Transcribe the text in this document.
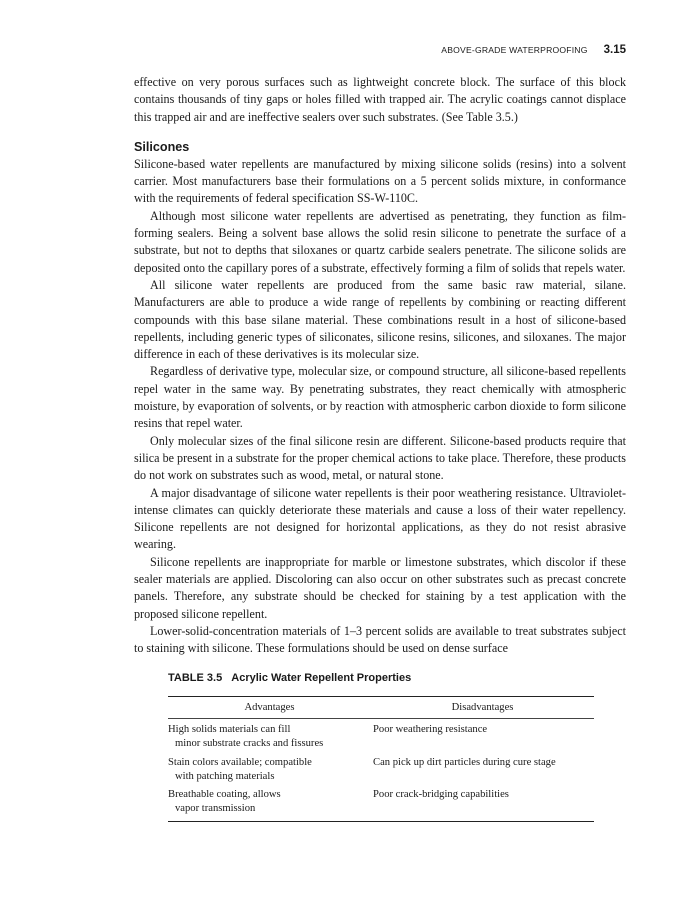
ABOVE-GRADE WATERPROOFING 3.15

effective on very porous surfaces such as lightweight concrete block. The surface of this block contains thousands of tiny gaps or holes filled with trapped air. The acrylic coatings cannot displace this trapped air and are ineffective sealers over such substrates. (See Table 3.5.)

Silicones

Silicone-based water repellents are manufactured by mixing silicone solids (resins) into a solvent carrier. Most manufacturers base their formulations on a 5 percent solids mixture, in conformance with the requirements of federal specification SS-W-110C.

Although most silicone water repellents are advertised as penetrating, they function as film-forming sealers. Being a solvent base allows the solid resin silicone to penetrate the surface of a substrate, but not to depths that siloxanes or quartz carbide sealers penetrate. The silicone solids are deposited onto the capillary pores of a substrate, effectively forming a film of solids that repels water.

All silicone water repellents are produced from the same basic raw material, silane. Manufacturers are able to produce a wide range of repellents by combining or reacting different compounds with this base silane material. These combinations result in a host of silicone-based repellents, including generic types of siliconates, silicone resins, silicones, and siloxanes. The major difference in each of these derivatives is its molecular size.

Regardless of derivative type, molecular size, or compound structure, all silicone-based repellents repel water in the same way. By penetrating substrates, they react chemically with atmospheric moisture, by evaporation of solvents, or by reaction with atmospheric carbon dioxide to form silicone resins that repel water.

Only molecular sizes of the final silicone resin are different. Silicone-based products require that silica be present in a substrate for the proper chemical actions to take place. Therefore, these products do not work on substrates such as wood, metal, or natural stone.

A major disadvantage of silicone water repellents is their poor weathering resistance. Ultraviolet-intense climates can quickly deteriorate these materials and cause a loss of their water repellency. Silicone repellents are not designed for horizontal applications, as they do not resist abrasive wearing.

Silicone repellents are inappropriate for marble or limestone substrates, which discolor if these sealer materials are applied. Discoloring can also occur on other substrates such as precast concrete panels. Therefore, any substrate should be checked for staining by a test application with the proposed silicone repellent.

Lower-solid-concentration materials of 1–3 percent solids are available to treat substrates subject to staining with silicone. These formulations should be used on dense surface

TABLE 3.5 Acrylic Water Repellent Properties
Advantages	Disadvantages

High solids materials can fill
minor substrate cracks and fissures	Poor weathering resistance

Stain colors available; compatible
with patching materials	Can pick up dirt particles during cure stage

Breathable coating, allows
vapor transmission	Poor crack-bridging capabilities
